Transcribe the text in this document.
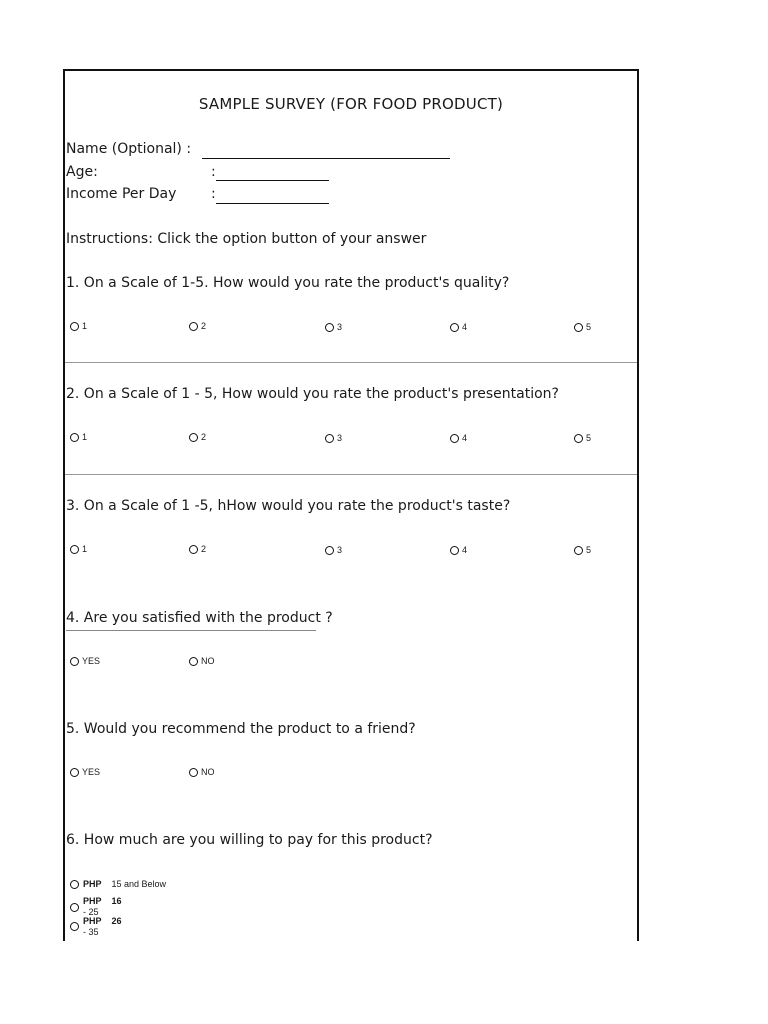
SAMPLE SURVEY (FOR FOOD PRODUCT)
Name (Optional) :
Age:	:
Income Per Day :
Instructions: Click the option button of your answer
1. On a Scale of 1-5. How would you rate the product's quality?
1	2	3	4	5
2. On a Scale of 1 - 5, How would you rate the product's presentation?
1	2	3	4	5
3. On a Scale of 1 -5, hHow would you rate the product's taste?
1	2	3	4	5
4. Are you satisfied with the product ?
YES	NO
5. Would you recommend the product to a friend?
YES	NO
6. How much are you willing to pay for this product?
PHP 15 and Below
PHP
- 25
16
PHP
- 35
26
